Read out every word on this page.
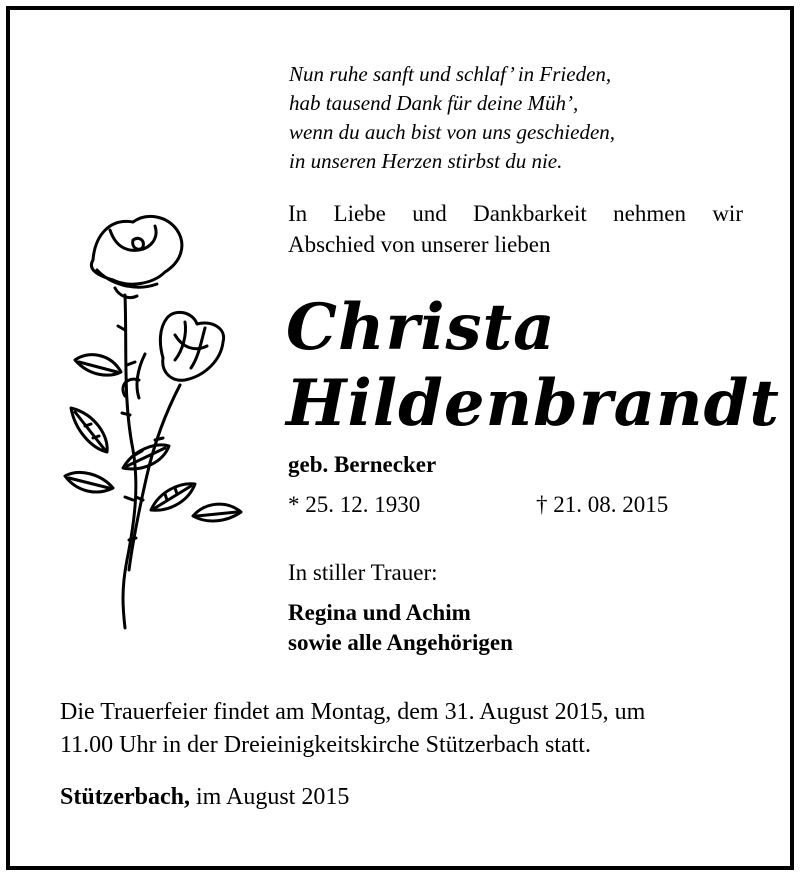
Nun ruhe sanft und schlaf’ in Frieden,
hab tausend Dank für deine Müh’,
wenn du auch bist von uns geschieden,
in unseren Herzen stirbst du nie.
In Liebe und Dankbarkeit nehmen wir
Abschied von unserer lieben
Christa
Hildenbrandt
geb. Bernecker
* 25. 12. 1930	† 21. 08. 2015
In stiller Trauer:
Regina und Achim
sowie alle Angehörigen
Die Trauerfeier findet am Montag, dem 31. August 2015, um
11.00 Uhr in der Dreieinigkeitskirche Stützerbach statt.
Stützerbach, im August 2015
